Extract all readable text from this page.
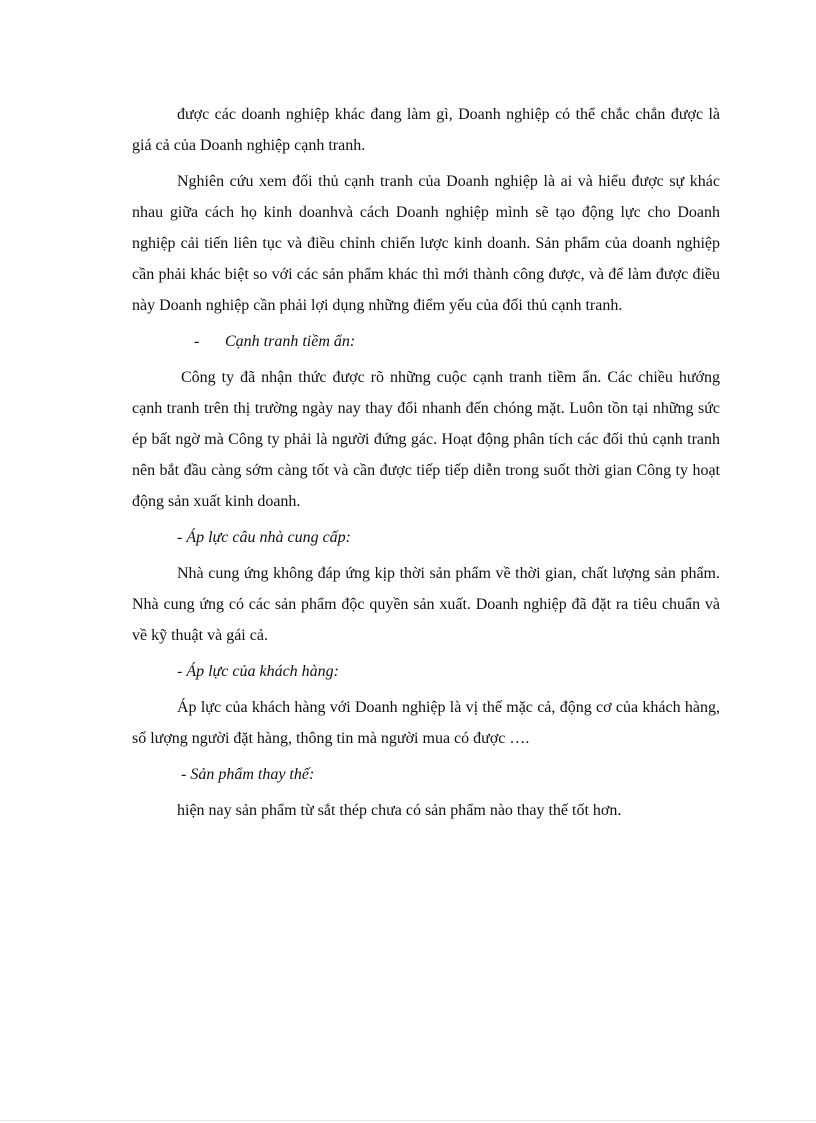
được các doanh nghiệp khác đang làm gì, Doanh nghiệp có thể chắc chắn được là giá cả của Doanh nghiệp cạnh tranh.

Nghiên cứu xem đối thủ cạnh tranh của Doanh nghiệp là ai và hiểu được sự khác nhau giữa cách họ kinh doanhvà cách Doanh nghiệp mình sẽ tạo động lực cho Doanh nghiệp cải tiến liên tục và điều chỉnh chiến lược kinh doanh. Sản phẩm của doanh nghiệp cần phải khác biệt so với các sản phẩm khác thì mới thành công được, và để làm được điều này Doanh nghiệp cần phải lợi dụng những điểm yếu của đối thủ cạnh tranh.

- Cạnh tranh tiềm ẩn:

Công ty đã nhận thức được rõ những cuộc cạnh tranh tiềm ẩn. Các chiều hướng cạnh tranh trên thị trường ngày nay thay đổi nhanh đến chóng mặt. Luôn tồn tại những sức ép bất ngờ mà Công ty phải là người đứng gác. Hoạt động phân tích các đối thủ cạnh tranh nên bắt đầu càng sớm càng tốt và cần được tiếp tiếp diễn trong suốt thời gian Công ty hoạt động sản xuất kinh doanh.

- Áp lực câu nhà cung cấp:

Nhà cung ứng không đáp ứng kịp thời sản phẩm về thời gian, chất lượng sản phẩm. Nhà cung ứng có các sản phẩm độc quyền sản xuất. Doanh nghiệp đã đặt ra tiêu chuẩn và về kỹ thuật và gái cả.

- Áp lực của khách hàng:

Áp lực của khách hàng với Doanh nghiệp là vị thế mặc cả, động cơ của khách hàng, số lượng người đặt hàng, thông tin mà người mua có được ….

- Sản phẩm thay thế:

hiện nay sản phẩm từ sắt thép chưa có sản phẩm nào thay thế tốt hơn.
